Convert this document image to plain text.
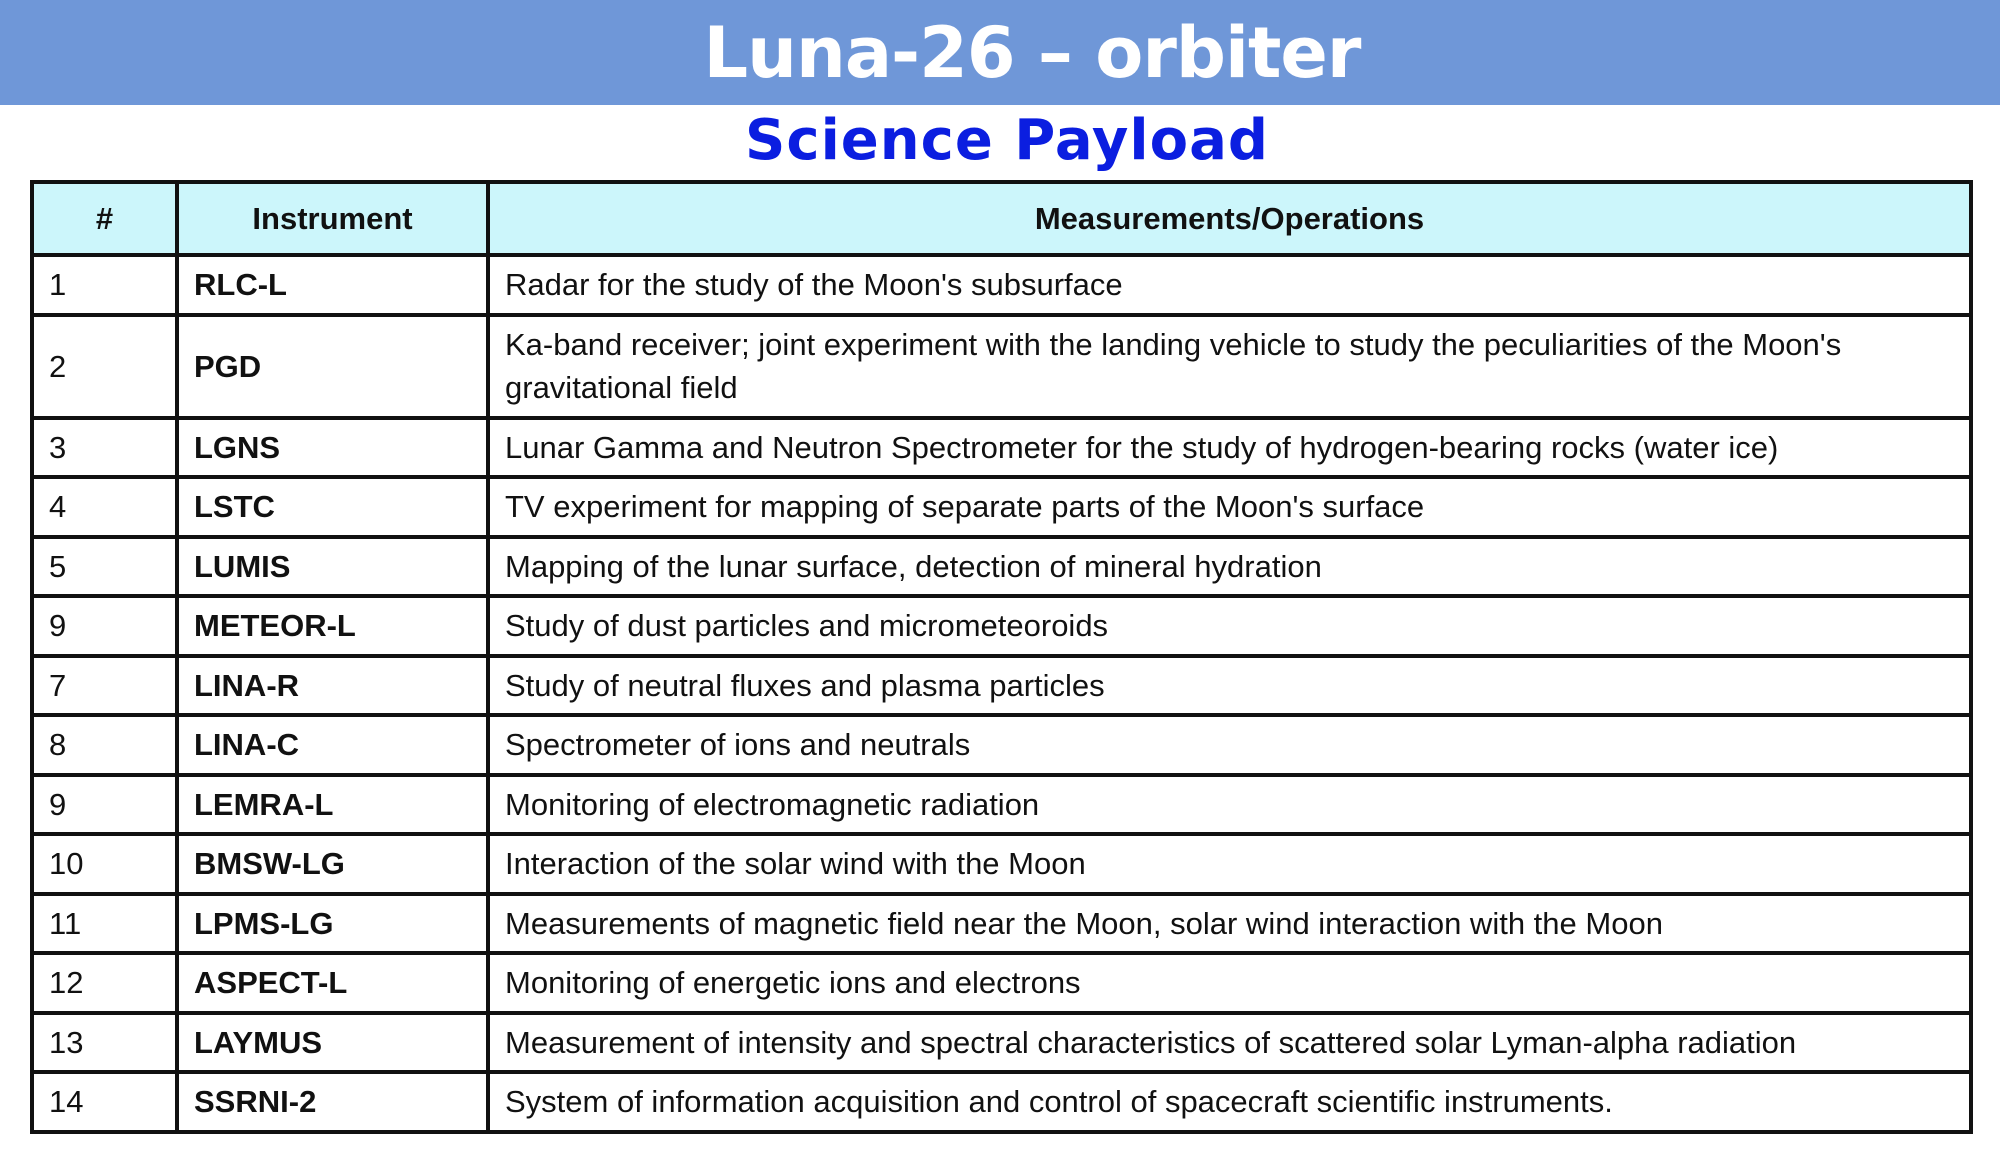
Luna-26 – orbiter
Science Payload
#	Instrument	Measurements/Operations
1	RLC-L	Radar for the study of the Moon's subsurface
2	PGD	Ka-band receiver; joint experiment with the landing vehicle to study the peculiarities of the Moon's gravitational field
3	LGNS	Lunar Gamma and Neutron Spectrometer for the study of hydrogen-bearing rocks (water ice)
4	LSTC	TV experiment for mapping of separate parts of the Moon's surface
5	LUMIS	Mapping of the lunar surface, detection of mineral hydration
9	METEOR-L	Study of dust particles and micrometeoroids
7	LINA-R	Study of neutral fluxes and plasma particles
8	LINA-C	Spectrometer of ions and neutrals
9	LEMRA-L	Monitoring of electromagnetic radiation
10	BMSW-LG	Interaction of the solar wind with the Moon
11	LPMS-LG	Measurements of magnetic field near the Moon, solar wind interaction with the Moon
12	ASPECT-L	Monitoring of energetic ions and electrons
13	LAYMUS	Measurement of intensity and spectral characteristics of scattered solar Lyman-alpha radiation
14	SSRNI-2	System of information acquisition and control of spacecraft scientific instruments.
